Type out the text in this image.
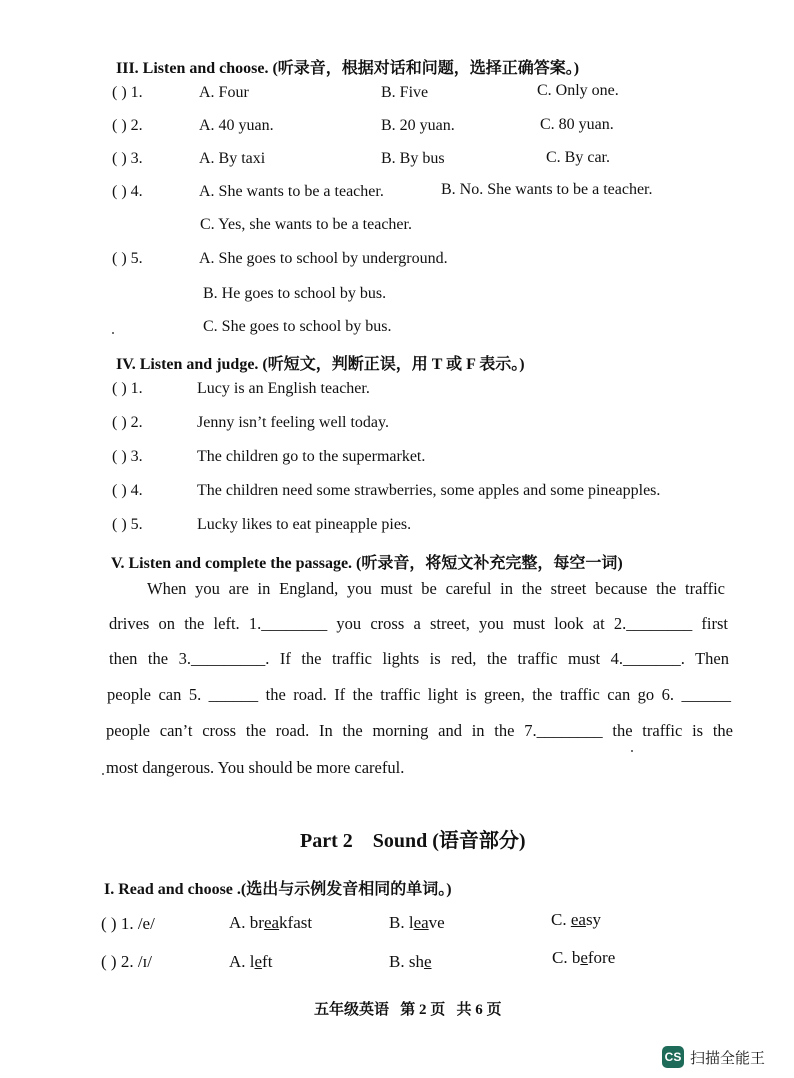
III. Listen and choose. (听录音，根据对话和问题，选择正确答案。)
( ) 1.	A. Four	B. Five	C. Only one.
( ) 2.	A. 40 yuan.	B. 20 yuan.	C. 80 yuan.
( ) 3.	A. By taxi	B. By bus	C. By car.
( ) 4.	A. She wants to be a teacher.	B. No. She wants to be a teacher.
C. Yes, she wants to be a teacher.
( ) 5.	A. She goes to school by underground.
B. He goes to school by bus.
C. She goes to school by bus.
IV. Listen and judge. (听短文，判断正误，用 T 或 F 表示。)
( ) 1.	Lucy is an English teacher.
( ) 2.	Jenny isn’t feeling well today.
( ) 3.	The children go to the supermarket.
( ) 4.	The children need some strawberries, some apples and some pineapples.
( ) 5.	Lucky likes to eat pineapple pies.
V. Listen and complete the passage. (听录音，将短文补充完整，每空一词)
When you are in England, you must be careful in the street because the traffic
drives on the left. 1.________ you cross a street, you must look at 2.________ first
then the 3._________. If the traffic lights is red, the traffic must 4._______. Then
people can 5. ______ the road. If the traffic light is green, the traffic can go 6. ______
people can’t cross the road. In the morning and in the 7.________ the traffic is the
most dangerous. You should be more careful.
Part 2    Sound (语音部分)
I. Read and choose .(选出与示例发音相同的单词。)
( ) 1. /e/	A. breakfast	B. leave	C. easy
( ) 2. /ɪ/	A. left	B. she	C. before
五年级英语   第 2 页   共 6 页
CS 扫描全能王
